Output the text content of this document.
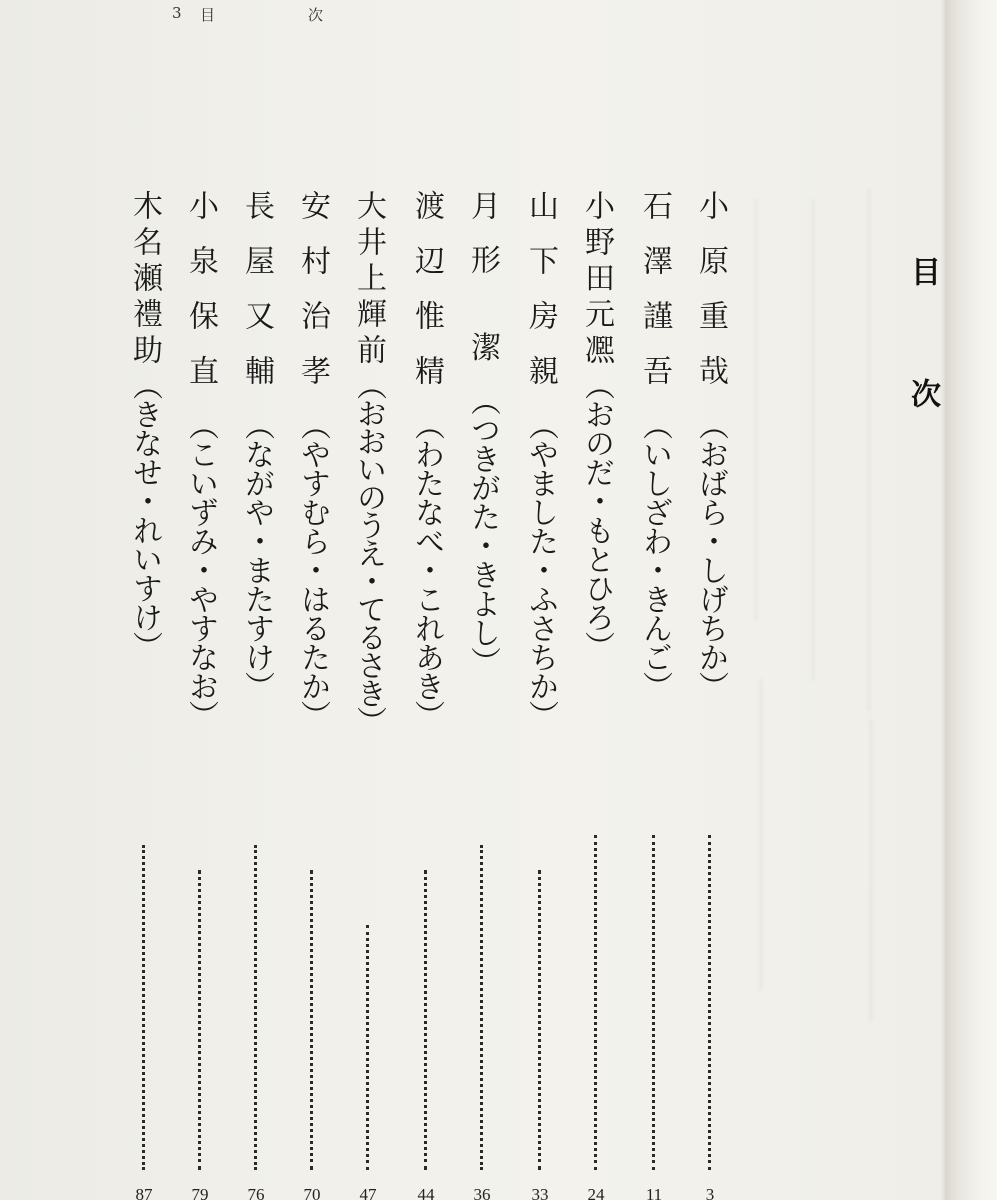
3 目	次
目次
小原重哉（おばら・しげちか）
3
石澤謹吾（いしざわ・きんご）
11
小野田元凞（おのだ・もとひろ）
24
山下房親（やました・ふさちか）
33
月形 潔（つきがた・きよし）
36
渡辺惟精（わたなべ・これあき）
44
大井上輝前（おおいのうえ・てるさき）
47
安村治孝（やすむら・はるたか）
70
長屋又輔（ながや・またすけ）
76
小泉保直（こいずみ・やすなお）
79
木名瀬禮助（きなせ・れいすけ）
87
